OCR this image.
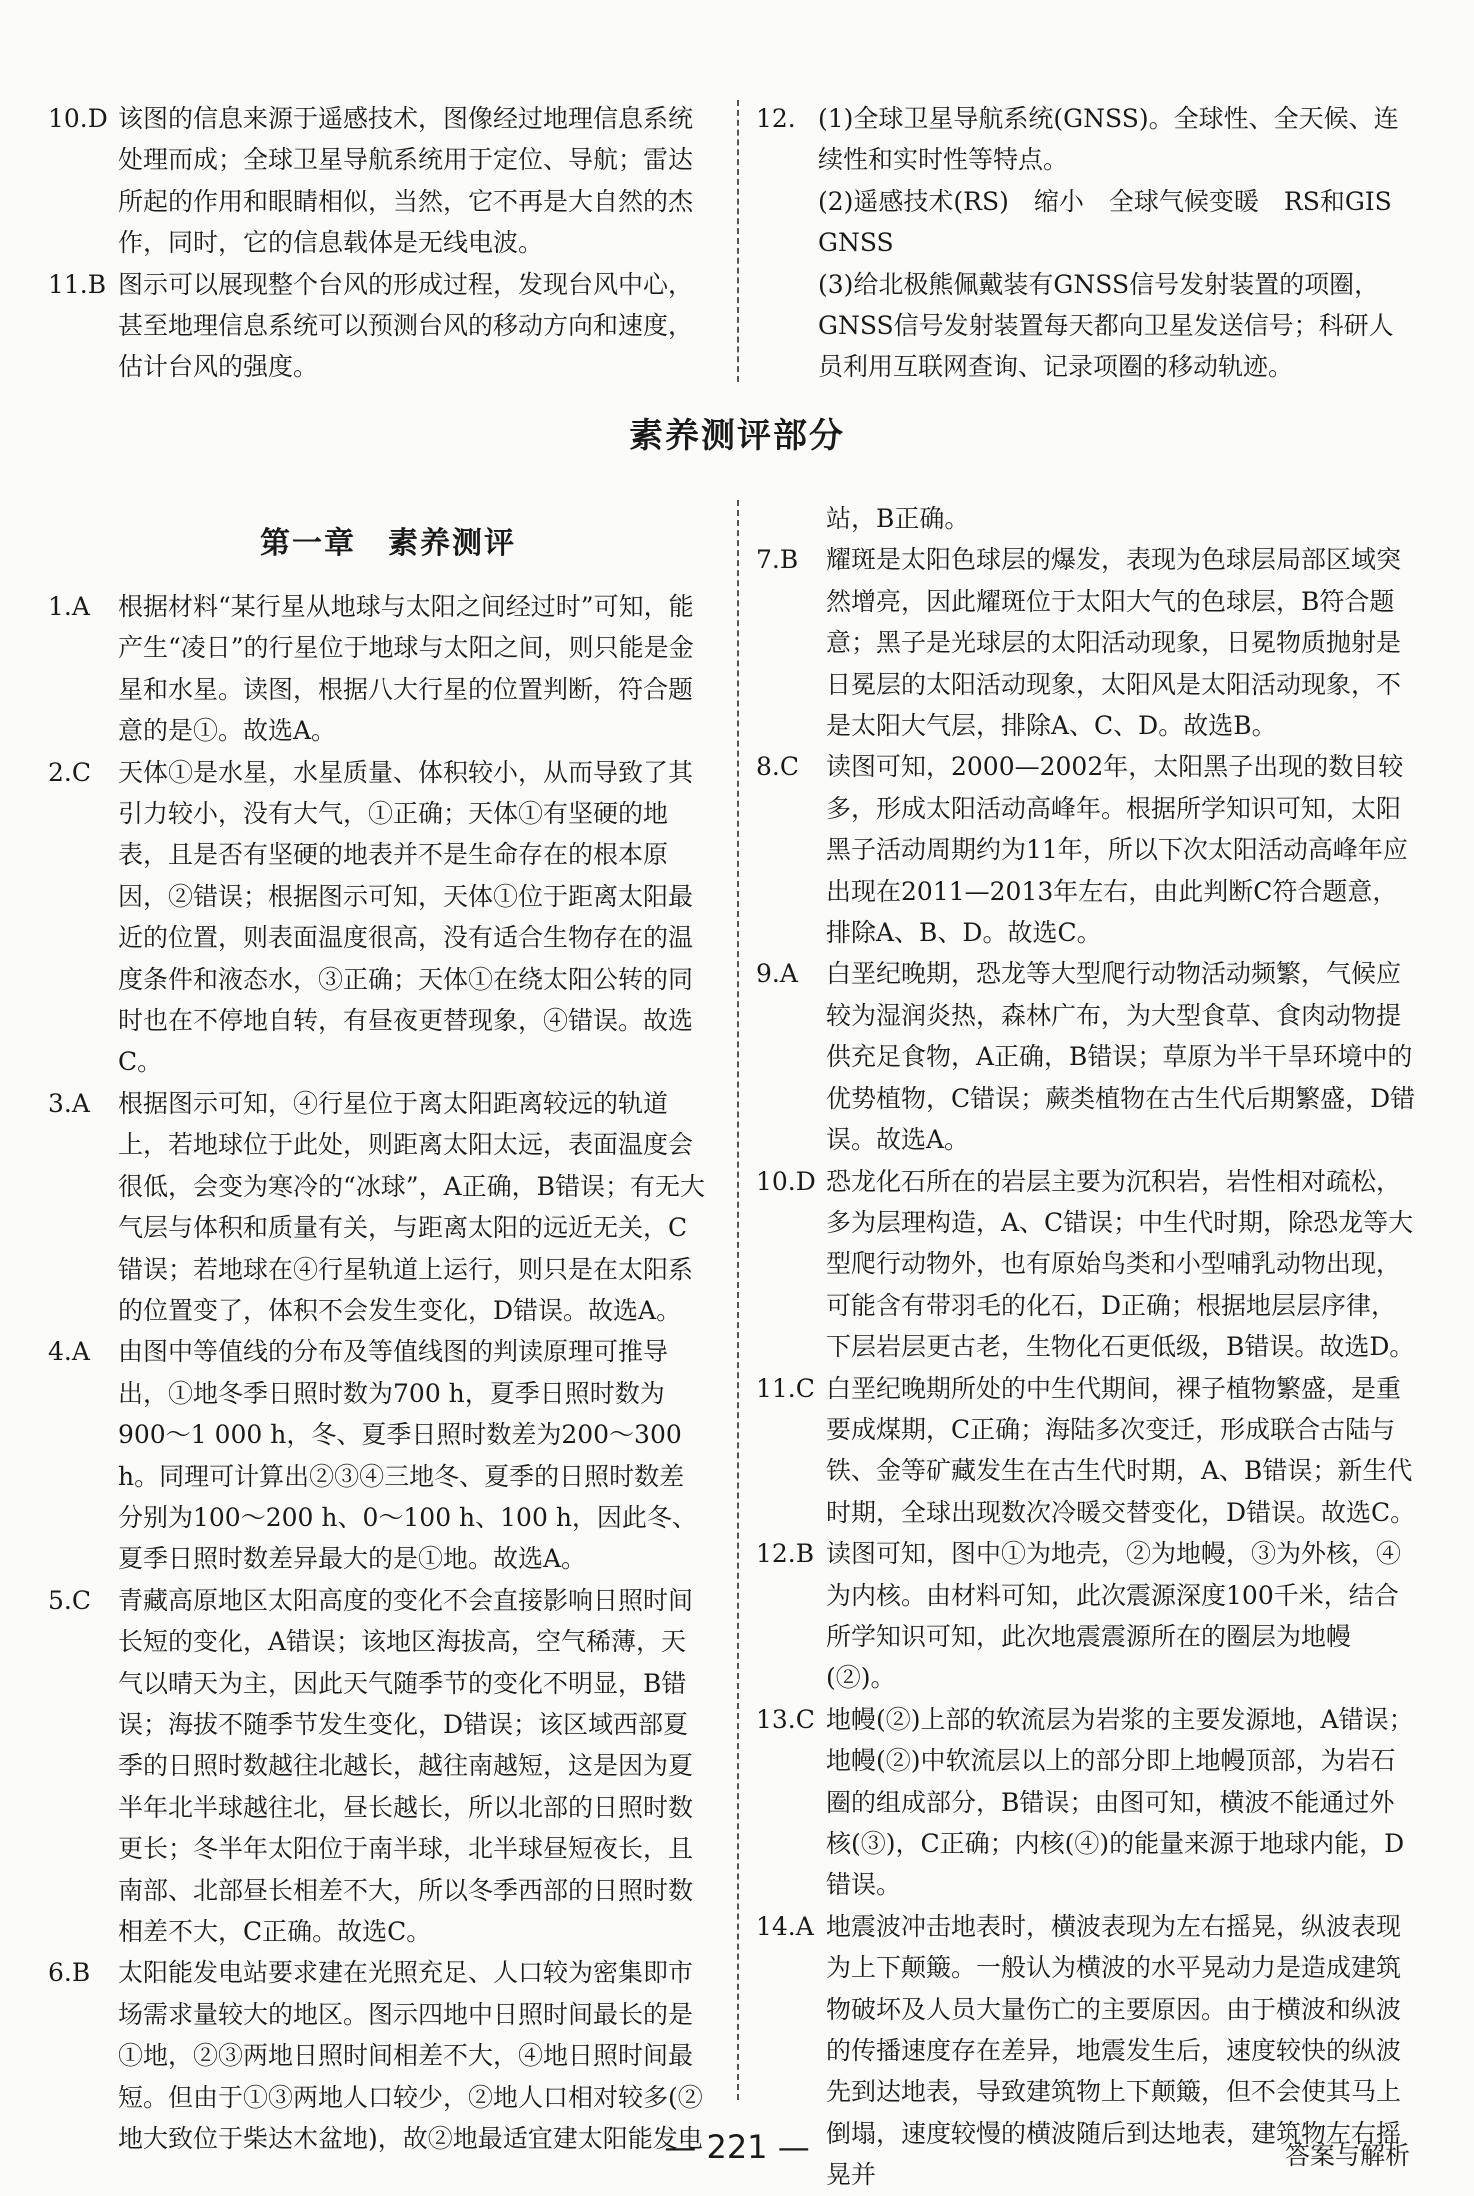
10.D 该图的信息来源于遥感技术，图像经过地理信息系统处理而成；全球卫星导航系统用于定位、导航；雷达所起的作用和眼睛相似，当然，它不再是大自然的杰作，同时，它的信息载体是无线电波。
11.B 图示可以展现整个台风的形成过程，发现台风中心，甚至地理信息系统可以预测台风的移动方向和速度，估计台风的强度。
12. (1)全球卫星导航系统(GNSS)。全球性、全天候、连续性和实时性等特点。
(2)遥感技术(RS)　缩小　全球气候变暖　RS和GIS　GNSS
(3)给北极熊佩戴装有GNSS信号发射装置的项圈，GNSS信号发射装置每天都向卫星发送信号；科研人员利用互联网查询、记录项圈的移动轨迹。
素养测评部分
第一章　素养测评
1.A 根据材料“某行星从地球与太阳之间经过时”可知，能产生“凌日”的行星位于地球与太阳之间，则只能是金星和水星。读图，根据八大行星的位置判断，符合题意的是①。故选A。
2.C 天体①是水星，水星质量、体积较小，从而导致了其引力较小，没有大气，①正确；天体①有坚硬的地表，且是否有坚硬的地表并不是生命存在的根本原因，②错误；根据图示可知，天体①位于距离太阳最近的位置，则表面温度很高，没有适合生物存在的温度条件和液态水，③正确；天体①在绕太阳公转的同时也在不停地自转，有昼夜更替现象，④错误。故选C。
3.A 根据图示可知，④行星位于离太阳距离较远的轨道上，若地球位于此处，则距离太阳太远，表面温度会很低，会变为寒冷的“冰球”，A正确，B错误；有无大气层与体积和质量有关，与距离太阳的远近无关，C错误；若地球在④行星轨道上运行，则只是在太阳系的位置变了，体积不会发生变化，D错误。故选A。
4.A 由图中等值线的分布及等值线图的判读原理可推导出，①地冬季日照时数为700 h，夏季日照时数为900～1 000 h，冬、夏季日照时数差为200～300 h。同理可计算出②③④三地冬、夏季的日照时数差分别为100～200 h、0～100 h、100 h，因此冬、夏季日照时数差异最大的是①地。故选A。
5.C 青藏高原地区太阳高度的变化不会直接影响日照时间长短的变化，A错误；该地区海拔高，空气稀薄，天气以晴天为主，因此天气随季节的变化不明显，B错误；海拔不随季节发生变化，D错误；该区域西部夏季的日照时数越往北越长，越往南越短，这是因为夏半年北半球越往北，昼长越长，所以北部的日照时数更长；冬半年太阳位于南半球，北半球昼短夜长，且南部、北部昼长相差不大，所以冬季西部的日照时数相差不大，C正确。故选C。
6.B 太阳能发电站要求建在光照充足、人口较为密集即市场需求量较大的地区。图示四地中日照时间最长的是①地，②③两地日照时间相差不大，④地日照时间最短。但由于①③两地人口较少，②地人口相对较多(②地大致位于柴达木盆地)，故②地最适宜建太阳能发电
站，B正确。
7.B 耀斑是太阳色球层的爆发，表现为色球层局部区域突然增亮，因此耀斑位于太阳大气的色球层，B符合题意；黑子是光球层的太阳活动现象，日冕物质抛射是日冕层的太阳活动现象，太阳风是太阳活动现象，不是太阳大气层，排除A、C、D。故选B。
8.C 读图可知，2000—2002年，太阳黑子出现的数目较多，形成太阳活动高峰年。根据所学知识可知，太阳黑子活动周期约为11年，所以下次太阳活动高峰年应出现在2011—2013年左右，由此判断C符合题意，排除A、B、D。故选C。
9.A 白垩纪晚期，恐龙等大型爬行动物活动频繁，气候应较为湿润炎热，森林广布，为大型食草、食肉动物提供充足食物，A正确，B错误；草原为半干旱环境中的优势植物，C错误；蕨类植物在古生代后期繁盛，D错误。故选A。
10.D 恐龙化石所在的岩层主要为沉积岩，岩性相对疏松，多为层理构造，A、C错误；中生代时期，除恐龙等大型爬行动物外，也有原始鸟类和小型哺乳动物出现，可能含有带羽毛的化石，D正确；根据地层层序律，下层岩层更古老，生物化石更低级，B错误。故选D。
11.C 白垩纪晚期所处的中生代期间，裸子植物繁盛，是重要成煤期，C正确；海陆多次变迁，形成联合古陆与铁、金等矿藏发生在古生代时期，A、B错误；新生代时期，全球出现数次冷暖交替变化，D错误。故选C。
12.B 读图可知，图中①为地壳，②为地幔，③为外核，④为内核。由材料可知，此次震源深度100千米，结合所学知识可知，此次地震震源所在的圈层为地幔(②)。
13.C 地幔(②)上部的软流层为岩浆的主要发源地，A错误；地幔(②)中软流层以上的部分即上地幔顶部，为岩石圈的组成部分，B错误；由图可知，横波不能通过外核(③)，C正确；内核(④)的能量来源于地球内能，D错误。
14.A 地震波冲击地表时，横波表现为左右摇晃，纵波表现为上下颠簸。一般认为横波的水平晃动力是造成建筑物破坏及人员大量伤亡的主要原因。由于横波和纵波的传播速度存在差异，地震发生后，速度较快的纵波先到达地表，导致建筑物上下颠簸，但不会使其马上倒塌，速度较慢的横波随后到达地表，建筑物左右摇晃并
— 221 —	答案与解析
